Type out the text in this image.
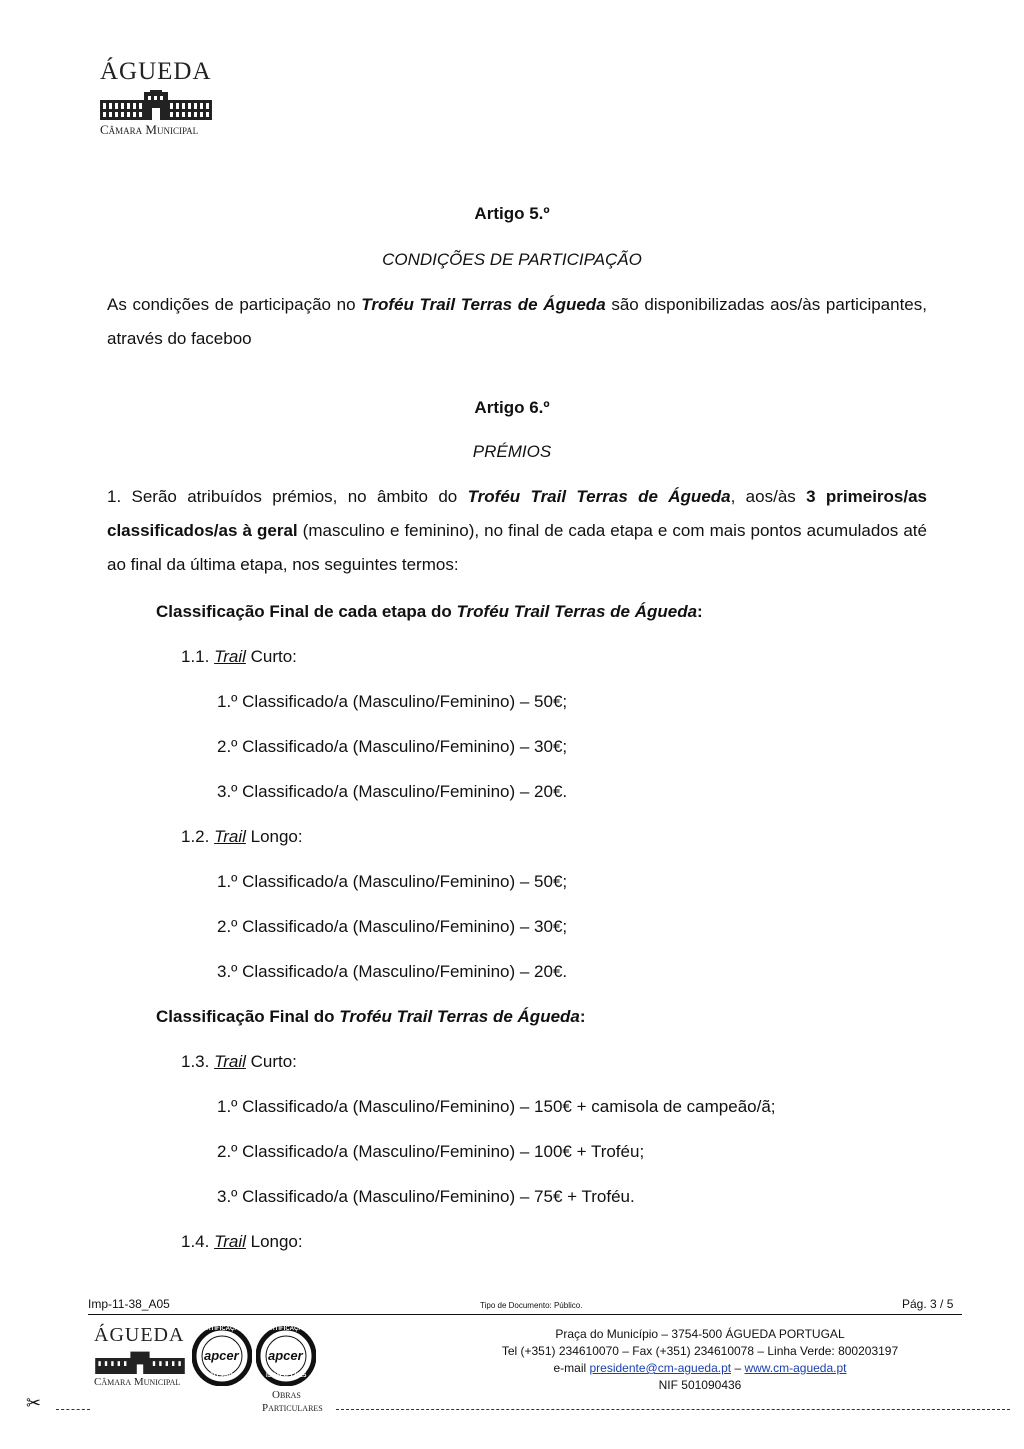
ÁGUEDA
Câmara Municipal
Artigo 5.º
CONDIÇÕES DE PARTICIPAÇÃO
As condições de participação no Troféu Trail Terras de Águeda são disponibilizadas aos/às participantes,
através do faceboo
Artigo 6.º
PRÉMIOS
1. Serão atribuídos prémios, no âmbito do Troféu Trail Terras de Águeda, aos/às 3 primeiros/as
classificados/as à geral (masculino e feminino), no final de cada etapa e com mais pontos acumulados até
ao final da última etapa, nos seguintes termos:
Classificação Final de cada etapa do Troféu Trail Terras de Águeda:
1.1. Trail Curto:
1.º Classificado/a (Masculino/Feminino) – 50€;
2.º Classificado/a (Masculino/Feminino) – 30€;
3.º Classificado/a (Masculino/Feminino) – 20€.
1.2. Trail Longo:
1.º Classificado/a (Masculino/Feminino) – 50€;
2.º Classificado/a (Masculino/Feminino) – 30€;
3.º Classificado/a (Masculino/Feminino) – 20€.
Classificação Final do Troféu Trail Terras de Águeda:
1.3. Trail Curto:
1.º Classificado/a (Masculino/Feminino) – 150€ + camisola de campeão/ã;
2.º Classificado/a (Masculino/Feminino) – 100€ + Troféu;
3.º Classificado/a (Masculino/Feminino) – 75€ + Troféu.
1.4. Trail Longo:
Imp-11-38_A05	Tipo de Documento: Público.	Pág. 3 / 5
ÁGUEDA
Câmara Municipal
CERTIFICAÇÃO
apcer
ISO 9001
CERTIFICAÇÃO
apcer
ISO/IEC 17025
Obras
Particulares
Praça do Município – 3754-500 ÁGUEDA PORTUGAL
Tel (+351) 234610070 – Fax (+351) 234610078 – Linha Verde: 800203197
e-mail presidente@cm-agueda.pt – www.cm-agueda.pt
NIF 501090436
✂
